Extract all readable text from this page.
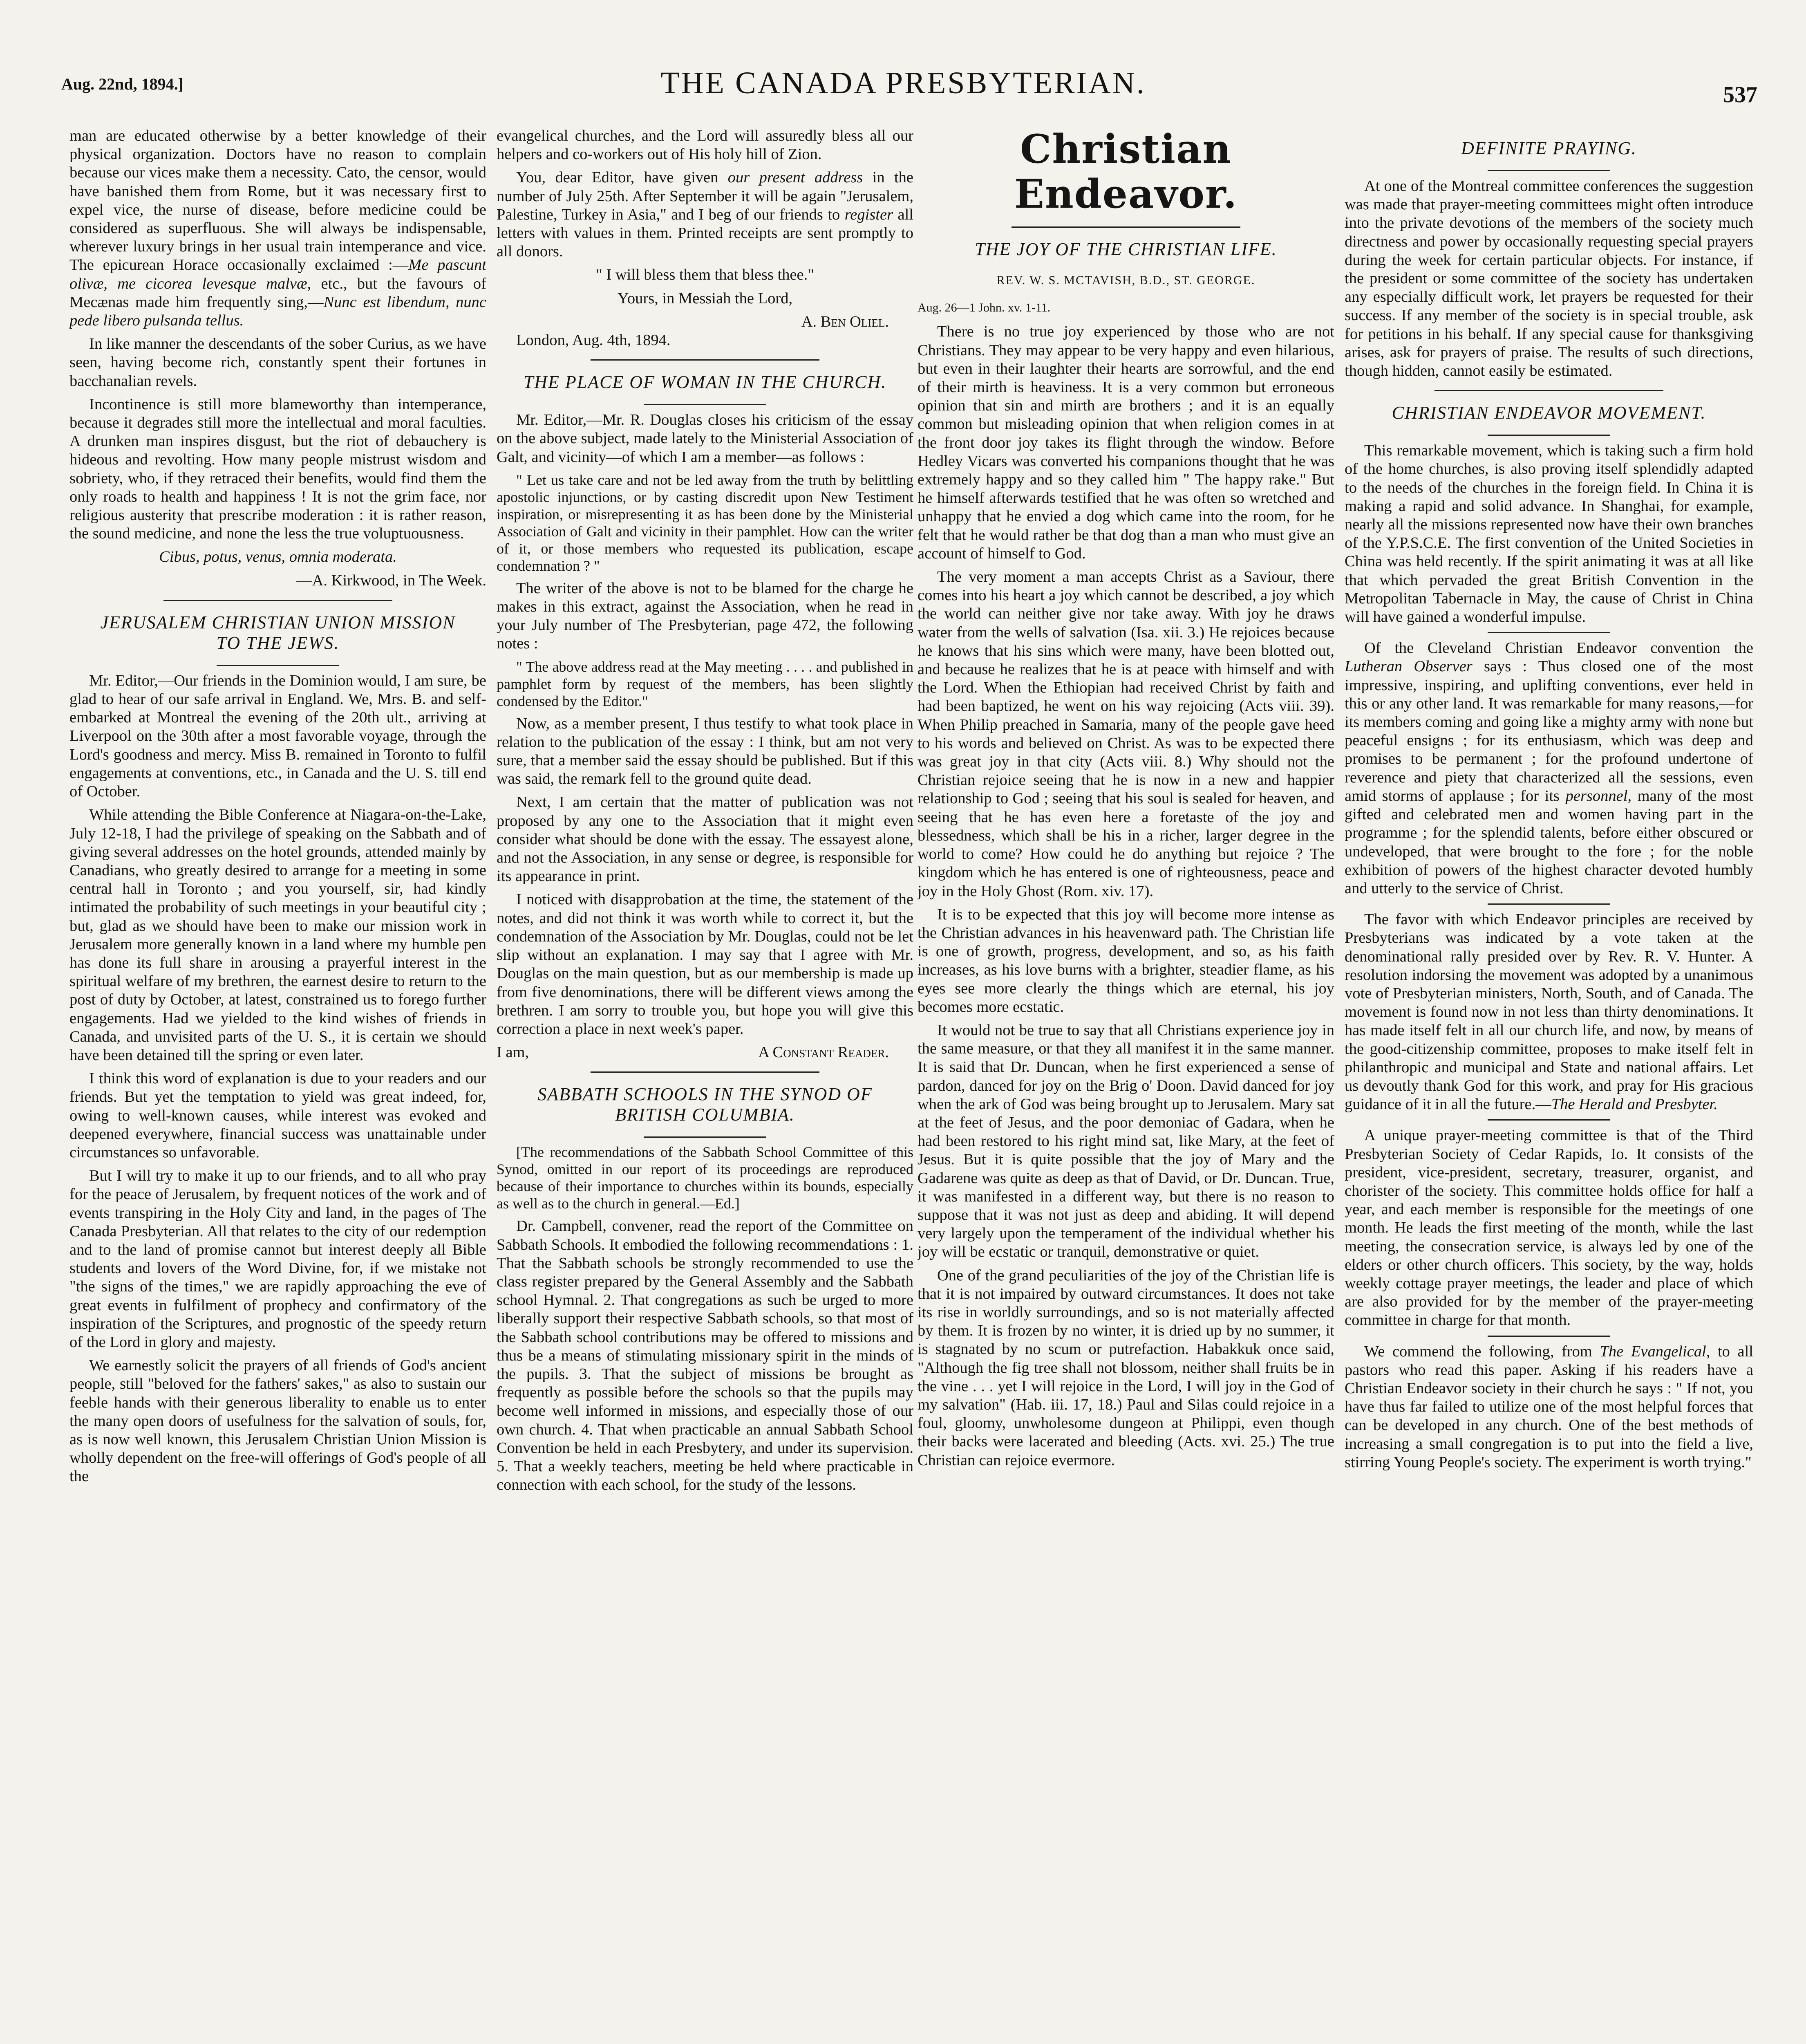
Aug. 22nd, 1894.]	THE CANADA PRESBYTERIAN.	537

man are educated otherwise by a better knowledge of their physical organization. Doctors have no reason to complain because our vices make them a necessity. Cato, the censor, would have banished them from Rome, but it was necessary first to expel vice, the nurse of disease, before medicine could be considered as superfluous. She will always be indispensable, wherever luxury brings in her usual train intemperance and vice. The epicurean Horace occasionally exclaimed :—Me pascunt olivæ, me cicorea levesque malvæ, etc., but the favours of Mecænas made him frequently sing,—Nunc est libendum, nunc pede libero pulsanda tellus.

In like manner the descendants of the sober Curius, as we have seen, having become rich, constantly spent their fortunes in bacchanalian revels.

Incontinence is still more blameworthy than intemperance, because it degrades still more the intellectual and moral faculties. A drunken man inspires disgust, but the riot of debauchery is hideous and revolting. How many people mistrust wisdom and sobriety, who, if they retraced their benefits, would find them the only roads to health and happiness ! It is not the grim face, nor religious austerity that prescribe moderation : it is rather reason, the sound medicine, and none the less the true voluptuousness.

Cibus, potus, venus, omnia moderata.

—A. Kirkwood, in The Week.

JERUSALEM CHRISTIAN UNION MISSION TO THE JEWS.

Mr. Editor,—Our friends in the Dominion would, I am sure, be glad to hear of our safe arrival in England. We, Mrs. B. and self-embarked at Montreal the evening of the 20th ult., arriving at Liverpool on the 30th after a most favorable voyage, through the Lord's goodness and mercy. Miss B. remained in Toronto to fulfil engagements at conventions, etc., in Canada and the U. S. till end of October.

While attending the Bible Conference at Niagara-on-the-Lake, July 12-18, I had the privilege of speaking on the Sabbath and of giving several addresses on the hotel grounds, attended mainly by Canadians, who greatly desired to arrange for a meeting in some central hall in Toronto ; and you yourself, sir, had kindly intimated the probability of such meetings in your beautiful city ; but, glad as we should have been to make our mission work in Jerusalem more generally known in a land where my humble pen has done its full share in arousing a prayerful interest in the spiritual welfare of my brethren, the earnest desire to return to the post of duty by October, at latest, constrained us to forego further engagements. Had we yielded to the kind wishes of friends in Canada, and unvisited parts of the U. S., it is certain we should have been detained till the spring or even later.

I think this word of explanation is due to your readers and our friends. But yet the temptation to yield was great indeed, for, owing to well-known causes, while interest was evoked and deepened everywhere, financial success was unattainable under circumstances so unfavorable.

But I will try to make it up to our friends, and to all who pray for the peace of Jerusalem, by frequent notices of the work and of events transpiring in the Holy City and land, in the pages of The Canada Presbyterian. All that relates to the city of our redemption and to the land of promise cannot but interest deeply all Bible students and lovers of the Word Divine, for, if we mistake not "the signs of the times," we are rapidly approaching the eve of great events in fulfilment of prophecy and confirmatory of the inspiration of the Scriptures, and prognostic of the speedy return of the Lord in glory and majesty.

We earnestly solicit the prayers of all friends of God's ancient people, still "beloved for the fathers' sakes," as also to sustain our feeble hands with their generous liberality to enable us to enter the many open doors of usefulness for the salvation of souls, for, as is now well known, this Jerusalem Christian Union Mission is wholly dependent on the free-will offerings of God's people of all the

evangelical churches, and the Lord will assuredly bless all our helpers and co-workers out of His holy hill of Zion.

You, dear Editor, have given our present address in the number of July 25th. After September it will be again "Jerusalem, Palestine, Turkey in Asia," and I beg of our friends to register all letters with values in them. Printed receipts are sent promptly to all donors.

" I will bless them that bless thee."

Yours, in Messiah the Lord,

A. Ben Oliel.

London, Aug. 4th, 1894.

THE PLACE OF WOMAN IN THE CHURCH.

Mr. Editor,—Mr. R. Douglas closes his criticism of the essay on the above subject, made lately to the Ministerial Association of Galt, and vicinity—of which I am a member—as follows :

" Let us take care and not be led away from the truth by belittling apostolic injunctions, or by casting discredit upon New Testiment inspiration, or misrepresenting it as has been done by the Ministerial Association of Galt and vicinity in their pamphlet. How can the writer of it, or those members who requested its publication, escape condemnation ? "

The writer of the above is not to be blamed for the charge he makes in this extract, against the Association, when he read in your July number of The Presbyterian, page 472, the following notes :

" The above address read at the May meeting . . . . and published in pamphlet form by request of the members, has been slightly condensed by the Editor."

Now, as a member present, I thus testify to what took place in relation to the publication of the essay : I think, but am not very sure, that a member said the essay should be published. But if this was said, the remark fell to the ground quite dead.

Next, I am certain that the matter of publication was not proposed by any one to the Association that it might even consider what should be done with the essay. The essayest alone, and not the Association, in any sense or degree, is responsible for its appearance in print.

I noticed with disapprobation at the time, the statement of the notes, and did not think it was worth while to correct it, but the condemnation of the Association by Mr. Douglas, could not be let slip without an explanation. I may say that I agree with Mr. Douglas on the main question, but as our membership is made up from five denominations, there will be different views among the brethren. I am sorry to trouble you, but hope you will give this correction a place in next week's paper.

I am,	A Constant Reader.

SABBATH SCHOOLS IN THE SYNOD OF BRITISH COLUMBIA.

[The recommendations of the Sabbath School Committee of this Synod, omitted in our report of its proceedings are reproduced because of their importance to churches within its bounds, especially as well as to the church in general.—Ed.]

Dr. Campbell, convener, read the report of the Committee on Sabbath Schools. It embodied the following recommendations : 1. That the Sabbath schools be strongly recommended to use the class register prepared by the General Assembly and the Sabbath school Hymnal. 2. That congregations as such be urged to more liberally support their respective Sabbath schools, so that most of the Sabbath school contributions may be offered to missions and thus be a means of stimulating missionary spirit in the minds of the pupils. 3. That the subject of missions be brought as frequently as possible before the schools so that the pupils may become well informed in missions, and especially those of our own church. 4. That when practicable an annual Sabbath School Convention be held in each Presbytery, and under its supervision. 5. That a weekly teachers, meeting be held where practicable in connection with each school, for the study of the lessons.

Christian Endeavor.
THE JOY OF THE CHRISTIAN LIFE.

REV. W. S. MCTAVISH, B.D., ST. GEORGE.

Aug. 26—1 John. xv. 1-11.

There is no true joy experienced by those who are not Christians. They may appear to be very happy and even hilarious, but even in their laughter their hearts are sorrowful, and the end of their mirth is heaviness. It is a very common but erroneous opinion that sin and mirth are brothers ; and it is an equally common but misleading opinion that when religion comes in at the front door joy takes its flight through the window. Before Hedley Vicars was converted his companions thought that he was extremely happy and so they called him " The happy rake." But he himself afterwards testified that he was often so wretched and unhappy that he envied a dog which came into the room, for he felt that he would rather be that dog than a man who must give an account of himself to God.

The very moment a man accepts Christ as a Saviour, there comes into his heart a joy which cannot be described, a joy which the world can neither give nor take away. With joy he draws water from the wells of salvation (Isa. xii. 3.) He rejoices because he knows that his sins which were many, have been blotted out, and because he realizes that he is at peace with himself and with the Lord. When the Ethiopian had received Christ by faith and had been baptized, he went on his way rejoicing (Acts viii. 39). When Philip preached in Samaria, many of the people gave heed to his words and believed on Christ. As was to be expected there was great joy in that city (Acts viii. 8.) Why should not the Christian rejoice seeing that he is now in a new and happier relationship to God ; seeing that his soul is sealed for heaven, and seeing that he has even here a foretaste of the joy and blessedness, which shall be his in a richer, larger degree in the world to come? How could he do anything but rejoice ? The kingdom which he has entered is one of righteousness, peace and joy in the Holy Ghost (Rom. xiv. 17).

It is to be expected that this joy will become more intense as the Christian advances in his heavenward path. The Christian life is one of growth, progress, development, and so, as his faith increases, as his love burns with a brighter, steadier flame, as his eyes see more clearly the things which are eternal, his joy becomes more ecstatic.

It would not be true to say that all Christians experience joy in the same measure, or that they all manifest it in the same manner. It is said that Dr. Duncan, when he first experienced a sense of pardon, danced for joy on the Brig o' Doon. David danced for joy when the ark of God was being brought up to Jerusalem. Mary sat at the feet of Jesus, and the poor demoniac of Gadara, when he had been restored to his right mind sat, like Mary, at the feet of Jesus. But it is quite possible that the joy of Mary and the Gadarene was quite as deep as that of David, or Dr. Duncan. True, it was manifested in a different way, but there is no reason to suppose that it was not just as deep and abiding. It will depend very largely upon the temperament of the individual whether his joy will be ecstatic or tranquil, demonstrative or quiet.

One of the grand peculiarities of the joy of the Christian life is that it is not impaired by outward circumstances. It does not take its rise in worldly surroundings, and so is not materially affected by them. It is frozen by no winter, it is dried up by no summer, it is stagnated by no scum or putrefaction. Habakkuk once said, "Although the fig tree shall not blossom, neither shall fruits be in the vine . . . yet I will rejoice in the Lord, I will joy in the God of my salvation" (Hab. iii. 17, 18.) Paul and Silas could rejoice in a foul, gloomy, unwholesome dungeon at Philippi, even though their backs were lacerated and bleeding (Acts. xvi. 25.) The true Christian can rejoice evermore.

DEFINITE PRAYING.

At one of the Montreal committee conferences the suggestion was made that prayer-meeting committees might often introduce into the private devotions of the members of the society much directness and power by occasionally requesting special prayers during the week for certain particular objects. For instance, if the president or some committee of the society has undertaken any especially difficult work, let prayers be requested for their success. If any member of the society is in special trouble, ask for petitions in his behalf. If any special cause for thanksgiving arises, ask for prayers of praise. The results of such directions, though hidden, cannot easily be estimated.

CHRISTIAN ENDEAVOR MOVEMENT.

This remarkable movement, which is taking such a firm hold of the home churches, is also proving itself splendidly adapted to the needs of the churches in the foreign field. In China it is making a rapid and solid advance. In Shanghai, for example, nearly all the missions represented now have their own branches of the Y.P.S.C.E. The first convention of the United Societies in China was held recently. If the spirit animating it was at all like that which pervaded the great British Convention in the Metropolitan Tabernacle in May, the cause of Christ in China will have gained a wonderful impulse.

Of the Cleveland Christian Endeavor convention the Lutheran Observer says : Thus closed one of the most impressive, inspiring, and uplifting conventions, ever held in this or any other land. It was remarkable for many reasons,—for its members coming and going like a mighty army with none but peaceful ensigns ; for its enthusiasm, which was deep and promises to be permanent ; for the profound undertone of reverence and piety that characterized all the sessions, even amid storms of applause ; for its personnel, many of the most gifted and celebrated men and women having part in the programme ; for the splendid talents, before either obscured or undeveloped, that were brought to the fore ; for the noble exhibition of powers of the highest character devoted humbly and utterly to the service of Christ.

The favor with which Endeavor principles are received by Presbyterians was indicated by a vote taken at the denominational rally presided over by Rev. R. V. Hunter. A resolution indorsing the movement was adopted by a unanimous vote of Presbyterian ministers, North, South, and of Canada. The movement is found now in not less than thirty denominations. It has made itself felt in all our church life, and now, by means of the good-citizenship committee, proposes to make itself felt in philanthropic and municipal and State and national affairs. Let us devoutly thank God for this work, and pray for His gracious guidance of it in all the future.—The Herald and Presbyter.

A unique prayer-meeting committee is that of the Third Presbyterian Society of Cedar Rapids, Io. It consists of the president, vice-president, secretary, treasurer, organist, and chorister of the society. This committee holds office for half a year, and each member is responsible for the meetings of one month. He leads the first meeting of the month, while the last meeting, the consecration service, is always led by one of the elders or other church officers. This society, by the way, holds weekly cottage prayer meetings, the leader and place of which are also provided for by the member of the prayer-meeting committee in charge for that month.

We commend the following, from The Evangelical, to all pastors who read this paper. Asking if his readers have a Christian Endeavor society in their church he says : " If not, you have thus far failed to utilize one of the most helpful forces that can be developed in any church. One of the best methods of increasing a small congregation is to put into the field a live, stirring Young People's society. The experiment is worth trying."
